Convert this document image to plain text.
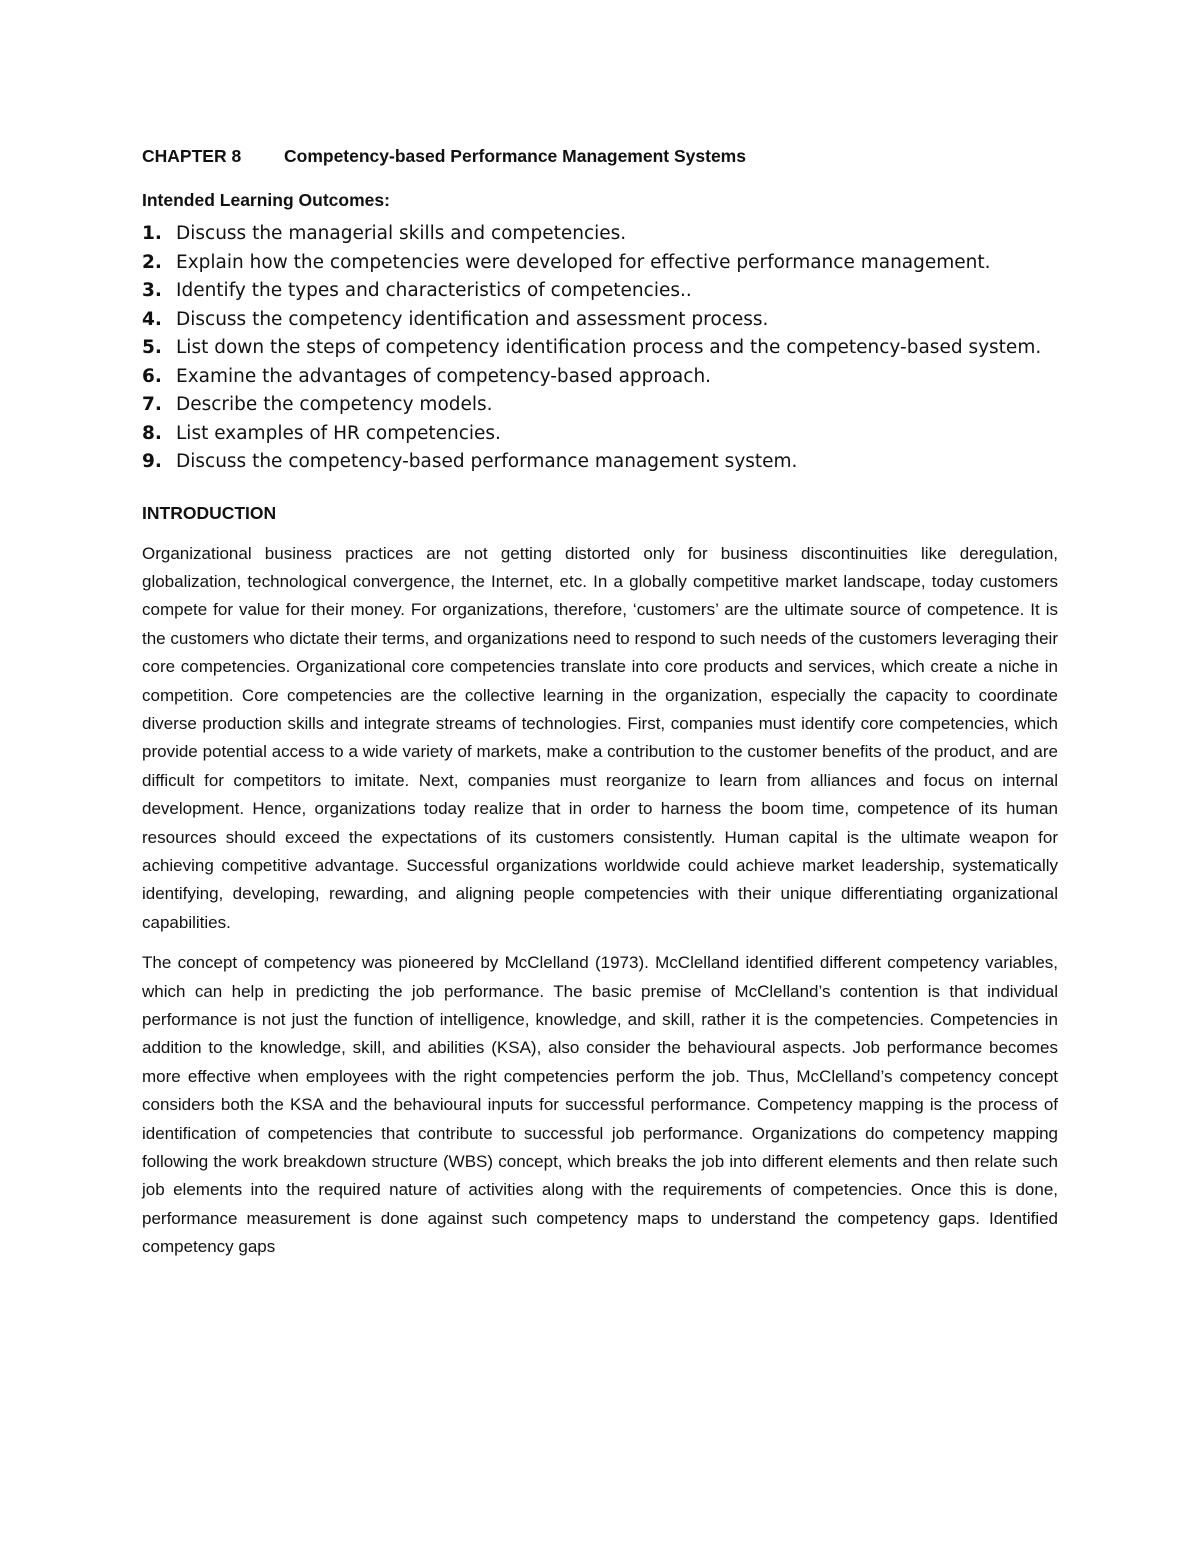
CHAPTER 8 Competency-based Performance Management Systems
Intended Learning Outcomes:
1. Discuss the managerial skills and competencies.
2. Explain how the competencies were developed for effective performance management.
3. Identify the types and characteristics of competencies..
4. Discuss the competency identification and assessment process.
5. List down the steps of competency identification process and the competency-based system.
6. Examine the advantages of competency-based approach.
7. Describe the competency models.
8. List examples of HR competencies.
9. Discuss the competency-based performance management system.
INTRODUCTION

Organizational business practices are not getting distorted only for business discontinuities like deregulation, globalization, technological convergence, the Internet, etc. In a globally competitive market landscape, today customers compete for value for their money. For organizations, therefore, ‘customers’ are the ultimate source of competence. It is the customers who dictate their terms, and organizations need to respond to such needs of the customers leveraging their core competencies. Organizational core competencies translate into core products and services, which create a niche in competition. Core competencies are the collective learning in the organization, especially the capacity to coordinate diverse production skills and integrate streams of technologies. First, companies must identify core competencies, which provide potential access to a wide variety of markets, make a contribution to the customer benefits of the product, and are difficult for competitors to imitate. Next, companies must reorganize to learn from alliances and focus on internal development. Hence, organizations today realize that in order to harness the boom time, competence of its human resources should exceed the expectations of its customers consistently. Human capital is the ultimate weapon for achieving competitive advantage. Successful organizations worldwide could achieve market leadership, systematically identifying, developing, rewarding, and aligning people competencies with their unique differentiating organizational capabilities.

The concept of competency was pioneered by McClelland (1973). McClelland identified different competency variables, which can help in predicting the job performance. The basic premise of McClelland’s contention is that individual performance is not just the function of intelligence, knowledge, and skill, rather it is the competencies. Competencies in addition to the knowledge, skill, and abilities (KSA), also consider the behavioural aspects. Job performance becomes more effective when employees with the right competencies perform the job. Thus, McClelland’s competency concept considers both the KSA and the behavioural inputs for successful performance. Competency mapping is the process of identification of competencies that contribute to successful job performance. Organizations do competency mapping following the work breakdown structure (WBS) concept, which breaks the job into different elements and then relate such job elements into the required nature of activities along with the requirements of competencies. Once this is done, performance measurement is done against such competency maps to understand the competency gaps. Identified competency gaps
